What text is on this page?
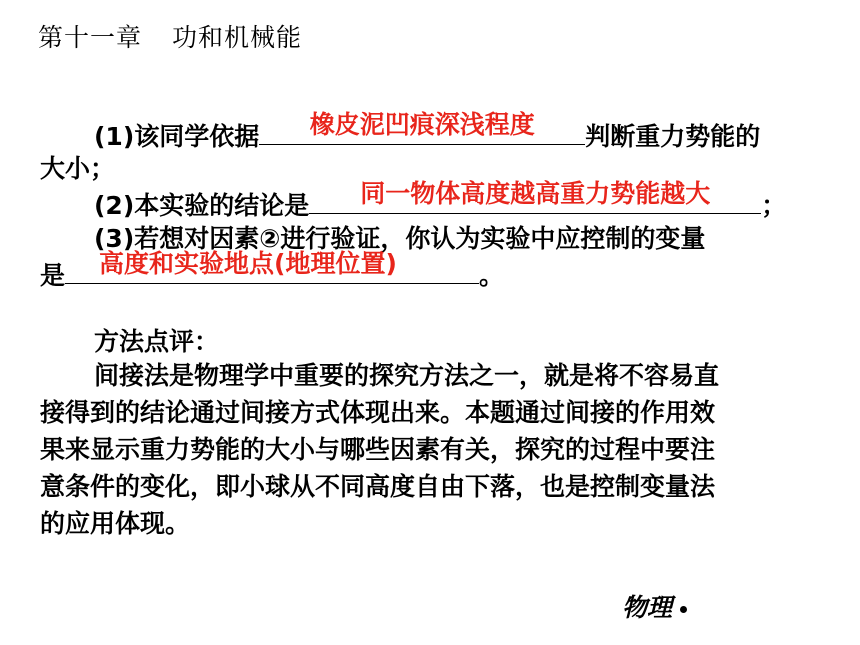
第十一章 功和机械能
(1)该同学依据	橡皮泥凹痕深浅程度	判断重力势能的
大小；
(2)本实验的结论是	同一物体高度越高重力势能越大	；
(3)若想对因素②进行验证，你认为实验中应控制的变量
是 高度和实验地点(地理位置)	。
方法点评：
间接法是物理学中重要的探究方法之一，就是将不容易直
接得到的结论通过间接方式体现出来。本题通过间接的作用效
果来显示重力势能的大小与哪些因素有关，探究的过程中要注
意条件的变化，即小球从不同高度自由下落，也是控制变量法
的应用体现。
物理
